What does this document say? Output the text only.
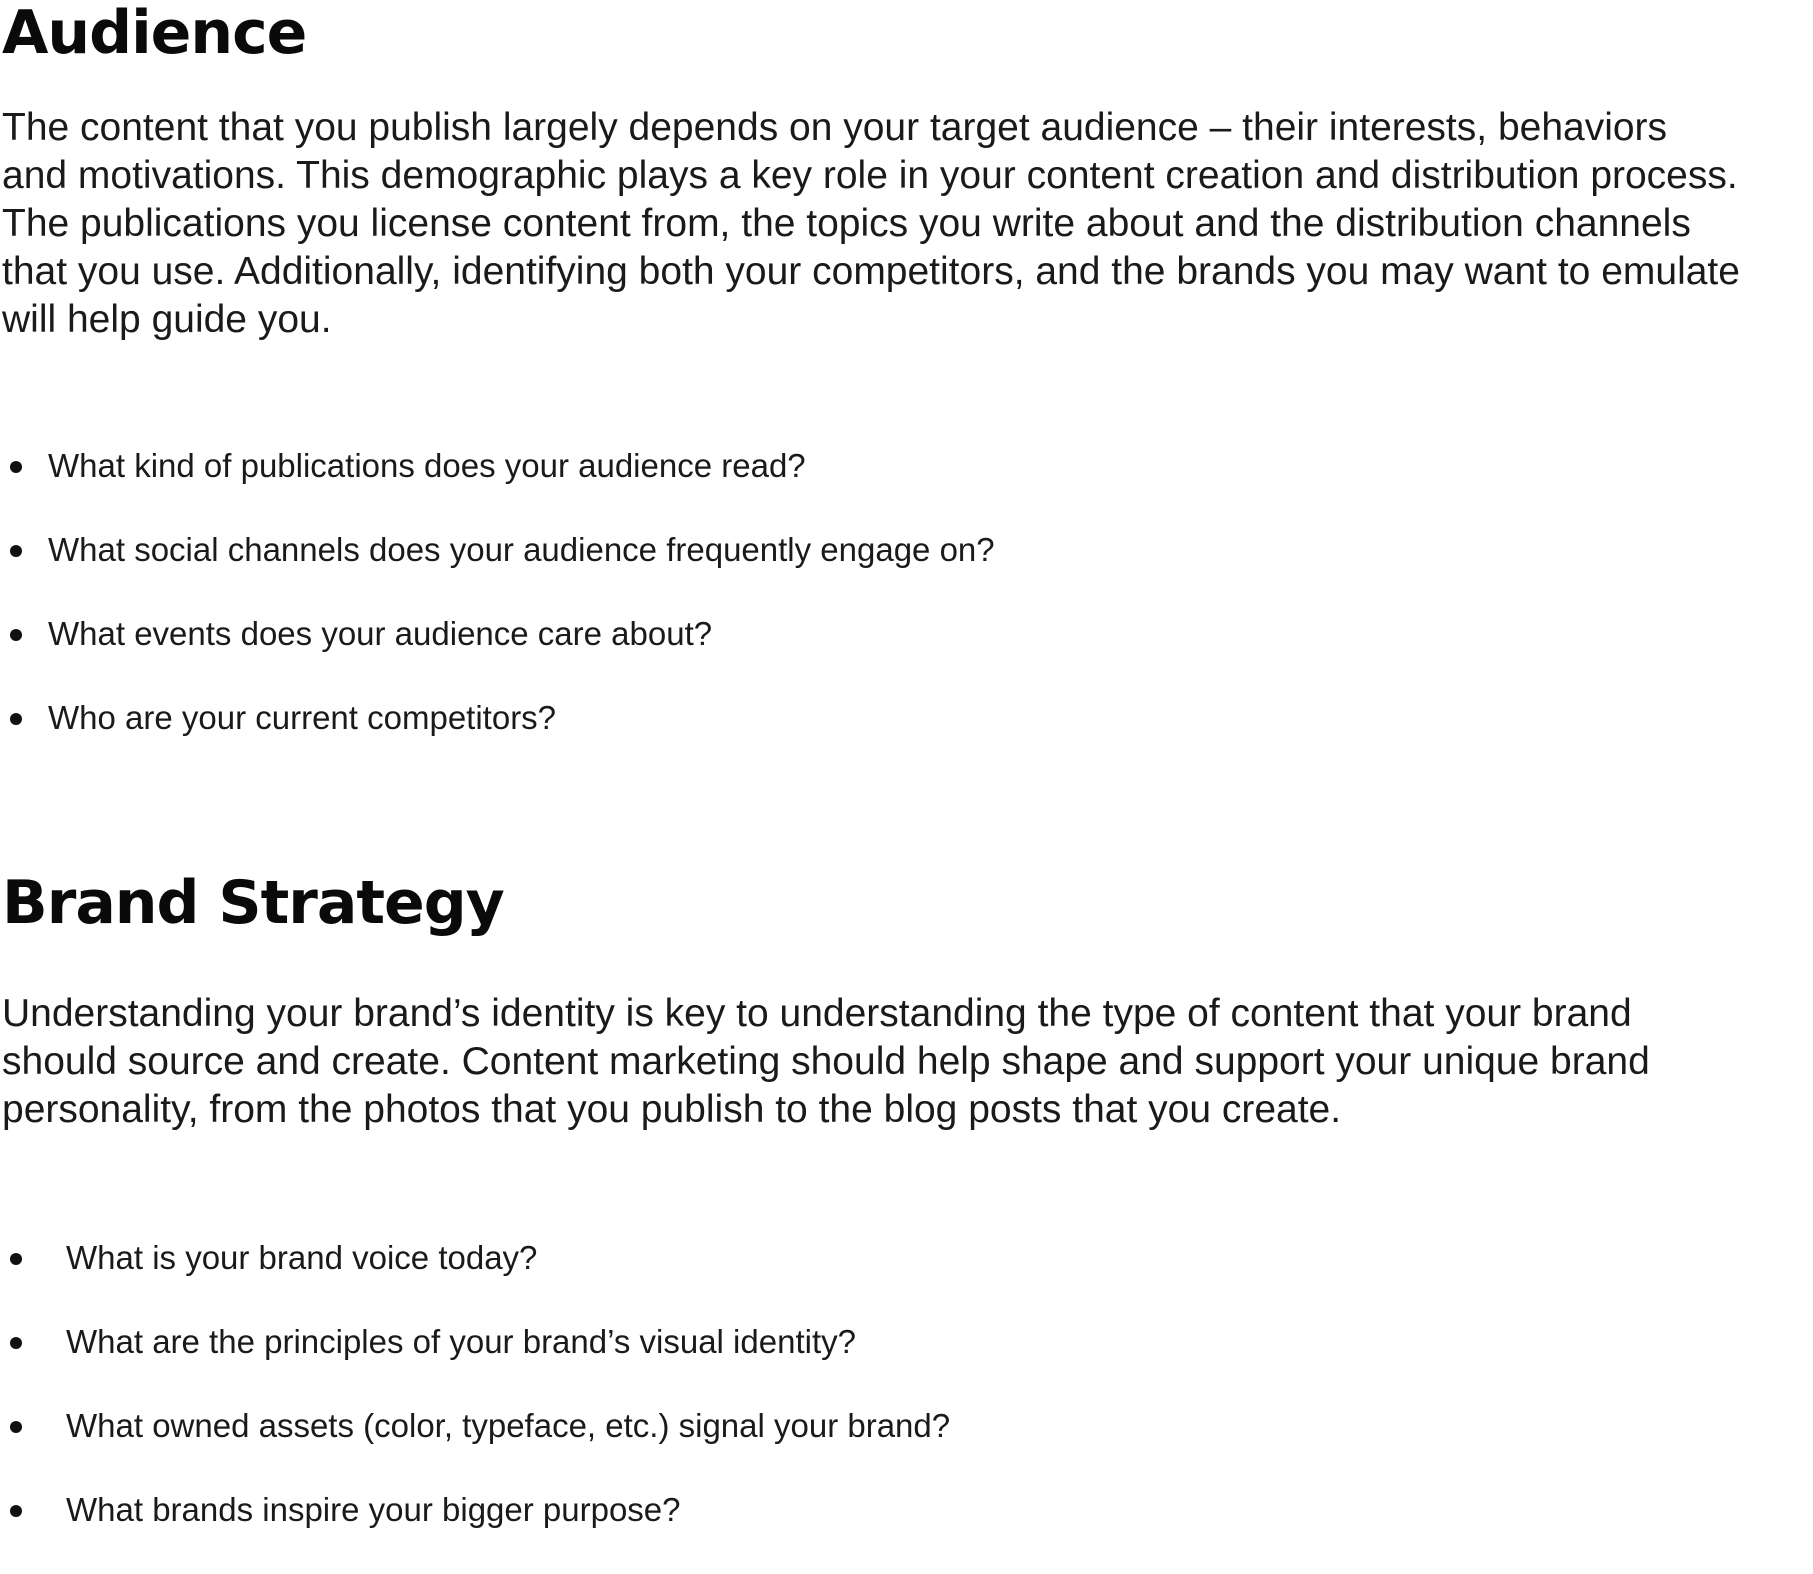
Audience
The content that you publish largely depends on your target audience – their interests, behaviors
and motivations. This demographic plays a key role in your content creation and distribution process.
The publications you license content from, the topics you write about and the distribution channels
that you use. Additionally, identifying both your competitors, and the brands you may want to emulate
will help guide you.
What kind of publications does your audience read?
What social channels does your audience frequently engage on?
What events does your audience care about?
Who are your current competitors?
Brand Strategy
Understanding your brand’s identity is key to understanding the type of content that your brand
should source and create. Content marketing should help shape and support your unique brand
personality, from the photos that you publish to the blog posts that you create.
What is your brand voice today?
What are the principles of your brand’s visual identity?
What owned assets (color, typeface, etc.) signal your brand?
What brands inspire your bigger purpose?
